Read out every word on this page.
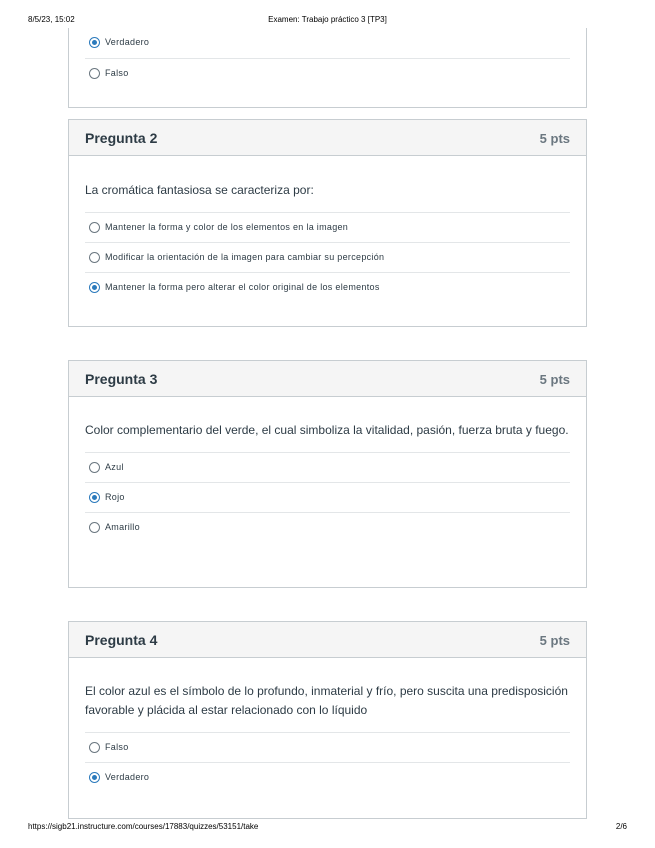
8/5/23, 15:02	Examen: Trabajo práctico 3 [TP3]
Verdadero
Falso
Pregunta 2	5 pts
La cromática fantasiosa se caracteriza por:
Mantener la forma y color de los elementos en la imagen
Modificar la orientación de la imagen para cambiar su percepción
Mantener la forma pero alterar el color original de los elementos
Pregunta 3	5 pts
Color complementario del verde, el cual simboliza la vitalidad, pasión, fuerza bruta y fuego.
Azul
Rojo
Amarillo
Pregunta 4	5 pts
El color azul es el símbolo de lo profundo, inmaterial y frío, pero suscita una predisposición favorable y plácida al estar relacionado con lo líquido
Falso
Verdadero
https://sigb21.instructure.com/courses/17883/quizzes/53151/take	2/6
